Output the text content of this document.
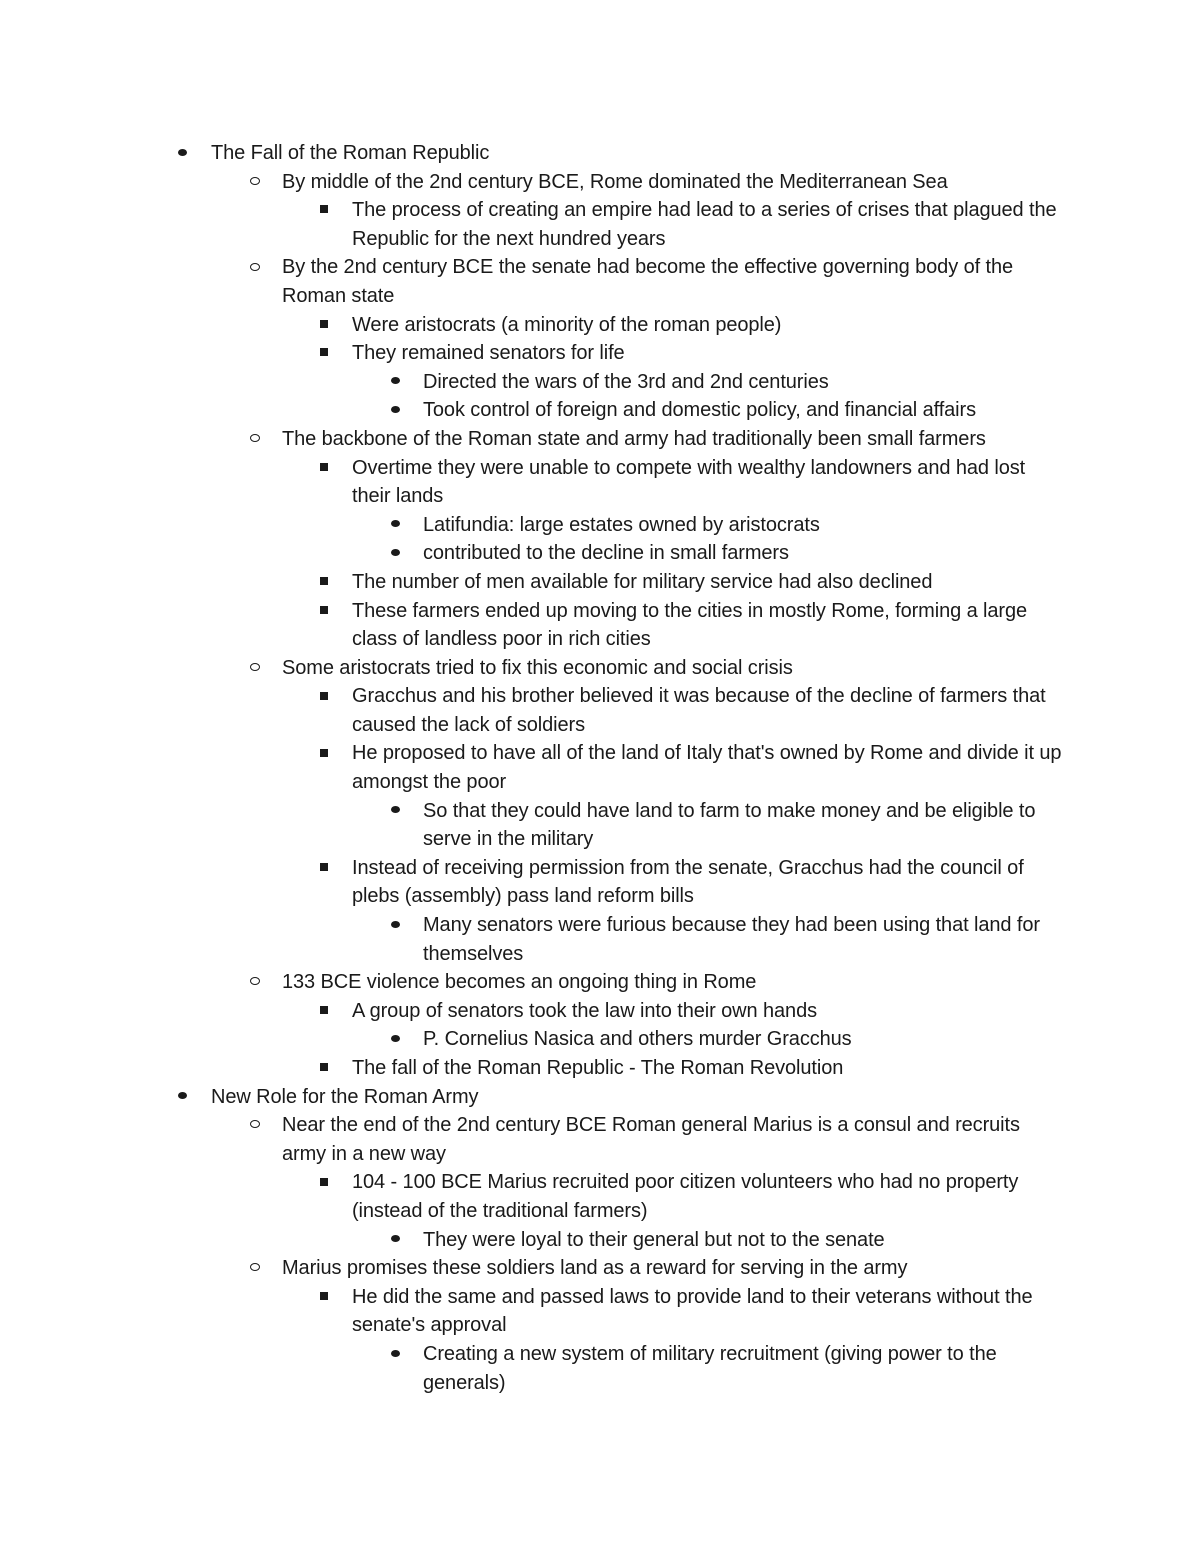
The Fall of the Roman Republic
By middle of the 2nd century BCE, Rome dominated the Mediterranean Sea
The process of creating an empire had lead to a series of crises that plagued the Republic for the next hundred years
By the 2nd century BCE the senate had become the effective governing body of the Roman state
Were aristocrats (a minority of the roman people)
They remained senators for life
Directed the wars of the 3rd and 2nd centuries
Took control of foreign and domestic policy, and financial affairs
The backbone of the Roman state and army had traditionally been small farmers
Overtime they were unable to compete with wealthy landowners and had lost their lands
Latifundia: large estates owned by aristocrats
contributed to the decline in small farmers
The number of men available for military service had also declined
These farmers ended up moving to the cities in mostly Rome, forming a large class of landless poor in rich cities
Some aristocrats tried to fix this economic and social crisis
Gracchus and his brother believed it was because of the decline of farmers that caused the lack of soldiers
He proposed to have all of the land of Italy that's owned by Rome and divide it up amongst the poor
So that they could have land to farm to make money and be eligible to serve in the military
Instead of receiving permission from the senate, Gracchus had the council of plebs (assembly) pass land reform bills
Many senators were furious because they had been using that land for themselves
133 BCE violence becomes an ongoing thing in Rome
A group of senators took the law into their own hands
P. Cornelius Nasica and others murder Gracchus
The fall of the Roman Republic - The Roman Revolution
New Role for the Roman Army
Near the end of the 2nd century BCE Roman general Marius is a consul and recruits army in a new way
104 - 100 BCE Marius recruited poor citizen volunteers who had no property (instead of the traditional farmers)
They were loyal to their general but not to the senate
Marius promises these soldiers land as a reward for serving in the army
He did the same and passed laws to provide land to their veterans without the senate's approval
Creating a new system of military recruitment (giving power to the generals)
